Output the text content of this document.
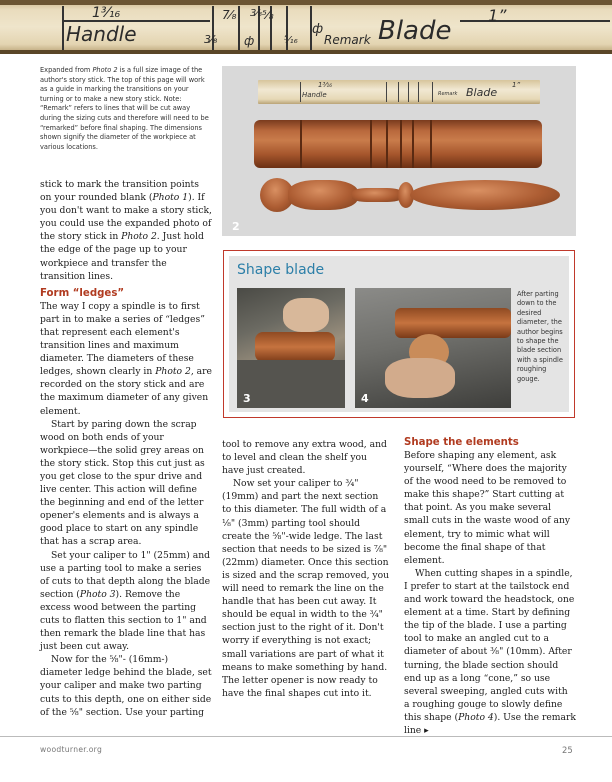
1³⁄₁₆	7⁄₈
3⁄₈ ф
⁵⁄₈
⁵⁄₁₆
3⁄₈
ф
1”
Handle	Remark Blade
Expanded from Photo 2 is a full size image of the author's story stick. The top of this page will work as a guide in marking the transitions on your turning or to make a new story stick. Note: “Remark” refers to lines that will be cut away during the sizing cuts and therefore will need to be “remarked” before final shaping. The dimensions shown signify the diameter of the workpiece at various locations.
Handle
1³⁄₁₆
Remark Blade
1”
2
Shape blade
3	4
After parting down to the desired diameter, the author begins to shape the blade section with a spindle roughing gouge.

stick to mark the transition points on your rounded blank (Photo 1). If you don't want to make a story stick, you could use the expanded photo of the story stick in Photo 2. Just hold the edge of the page up to your workpiece and transfer the transition lines.

Form “ledges”

The way I copy a spindle is to first part in to make a series of “ledges” that represent each element's transition lines and maximum diameter. The diameters of these ledges, shown clearly in Photo 2, are recorded on the story stick and are the maximum diameter of any given element.

Start by paring down the scrap wood on both ends of your workpiece—the solid grey areas on the story stick. Stop this cut just as you get close to the spur drive and live center. This action will define the beginning and end of the letter opener's elements and is always a good place to start on any spindle that has a scrap area.

Set your caliper to 1" (25mm) and use a parting tool to make a series of cuts to that depth along the blade section (Photo 3). Remove the excess wood between the parting cuts to flatten this section to 1" and then remark the blade line that has just been cut away.

Now for the ⁵⁄₈"- (16mm-) diameter ledge behind the blade, set your caliper and make two parting cuts to this depth, one on either side of the ⁵⁄₈" section. Use your parting

tool to remove any extra wood, and to level and clean the shelf you have just created.

Now set your caliper to ¾" (19mm) and part the next section to this diameter. The full width of a ⅛" (3mm) parting tool should create the ⁵⁄₈"-wide ledge. The last section that needs to be sized is ⅞" (22mm) diameter. Once this section is sized and the scrap removed, you will need to remark the line on the handle that has been cut away. It should be equal in width to the ¾" section just to the right of it. Don't worry if everything is not exact; small variations are part of what it means to make something by hand. The letter opener is now ready to have the final shapes cut into it.

Shape the elements

Before shaping any element, ask yourself, “Where does the majority of the wood need to be removed to make this shape?” Start cutting at that point. As you make several small cuts in the waste wood of any element, try to mimic what will become the final shape of that element.

When cutting shapes in a spindle, I prefer to start at the tailstock end and work toward the headstock, one element at a time. Start by defining the tip of the blade. I use a parting tool to make an angled cut to a diameter of about ⅜" (10mm). After turning, the blade section should end up as a long “cone,” so use several sweeping, angled cuts with a roughing gouge to slowly define this shape (Photo 4). Use the remark line ▸

woodturner.org	25
